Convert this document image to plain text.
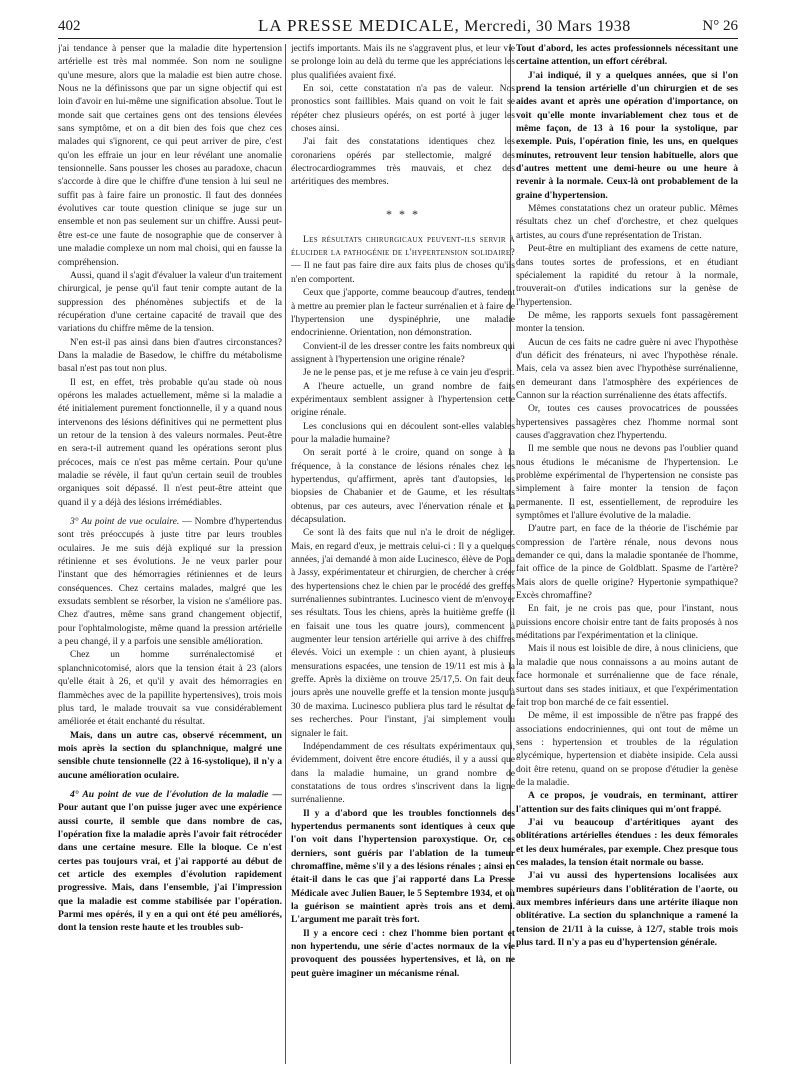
402	LA PRESSE MEDICALE, Mercredi, 30 Mars 1938	N° 26

j'ai tendance à penser que la maladie dite hypertension artérielle est très mal nommée. Son nom ne souligne qu'une mesure, alors que la maladie est bien autre chose. Nous ne la définissons que par un signe objectif qui est loin d'avoir en lui-même une signification absolue. Tout le monde sait que certaines gens ont des tensions élevées sans symptôme, et on a dit bien des fois que chez ces malades qui s'ignorent, ce qui peut arriver de pire, c'est qu'on les effraie un jour en leur révélant une anomalie tensionnelle. Sans pousser les choses au paradoxe, chacun s'accorde à dire que le chiffre d'une tension à lui seul ne suffit pas à faire faire un pronostic. Il faut des données évolutives car toute question clinique se juge sur un ensemble et non pas seulement sur un chiffre. Aussi peut-être est-ce une faute de nosographie que de conserver à une maladie complexe un nom mal choisi, qui en fausse la compréhension.

Aussi, quand il s'agit d'évaluer la valeur d'un traitement chirurgical, je pense qu'il faut tenir compte autant de la suppression des phénomènes subjectifs et de la récupération d'une certaine capacité de travail que des variations du chiffre même de la tension.

N'en est-il pas ainsi dans bien d'autres circonstances? Dans la maladie de Basedow, le chiffre du métabolisme basal n'est pas tout non plus.

Il est, en effet, très probable qu'au stade où nous opérons les malades actuellement, même si la maladie a été initialement purement fonctionnelle, il y a quand nous intervenons des lésions définitives qui ne permettent plus un retour de la tension à des valeurs normales. Peut-être en sera-t-il autrement quand les opérations seront plus précoces, mais ce n'est pas même certain. Pour qu'une maladie se révèle, il faut qu'un certain seuil de troubles organiques soit dépassé. Il n'est peut-être atteint que quand il y a déjà des lésions irrémédiables.

3° Au point de vue oculaire. — Nombre d'hypertendus sont très préoccupés à juste titre par leurs troubles oculaires. Je me suis déjà expliqué sur la pression rétinienne et ses évolutions. Je ne veux parler pour l'instant que des hémorragies rétiniennes et de leurs conséquences. Chez certains malades, malgré que les exsudats semblent se résorber, la vision ne s'améliore pas. Chez d'autres, même sans grand changement objectif, pour l'ophtalmologiste, même quand la pression artérielle a peu changé, il y a parfois une sensible amélioration.

Chez un homme surrénalectomisé et splanchnicotomisé, alors que la tension était à 23 (alors qu'elle était à 26, et qu'il y avait des hémorragies en flammèches avec de la papillite hypertensives), trois mois plus tard, le malade trouvait sa vue considérablement améliorée et était enchanté du résultat.

Mais, dans un autre cas, observé récemment, un mois après la section du splanchnique, malgré une sensible chute tensionnelle (22 à 16-systolique), il n'y a aucune amélioration oculaire.

4° Au point de vue de l'évolution de la maladie — Pour autant que l'on puisse juger avec une expérience aussi courte, il semble que dans nombre de cas, l'opération fixe la maladie après l'avoir fait rétrocéder dans une certaine mesure. Elle la bloque. Ce n'est certes pas toujours vrai, et j'ai rapporté au début de cet article des exemples d'évolution rapidement progressive. Mais, dans l'ensemble, j'ai l'impression que la maladie est comme stabilisée par l'opération. Parmi mes opérés, il y en a qui ont été peu améliorés, dont la tension reste haute et les troubles sub-

jectifs importants. Mais ils ne s'aggravent plus, et leur vie se prolonge loin au delà du terme que les appréciations les plus qualifiées avaient fixé.

En soi, cette constatation n'a pas de valeur. Nos pronostics sont faillibles. Mais quand on voit le fait se répéter chez plusieurs opérés, on est porté à juger les choses ainsi.

J'ai fait des constatations identiques chez les coronariens opérés par stellectomie, malgré des électrocardiogrammes très mauvais, et chez des artéritiques des membres.

* * *

Les résultats chirurgicaux peuvent-ils servir à élucider la pathogénie de l'hypertension solidaire? — Il ne faut pas faire dire aux faits plus de choses qu'ils n'en comportent.

Ceux que j'apporte, comme beaucoup d'autres, tendent à mettre au premier plan le facteur surrénalien et à faire de l'hypertension une dyspinéphrie, une maladie endocrinienne. Orientation, non démonstration.

Convient-il de les dresser contre les faits nombreux qui assignent à l'hypertension une origine rénale?

Je ne le pense pas, et je me refuse à ce vain jeu d'esprit.

A l'heure actuelle, un grand nombre de faits expérimentaux semblent assigner à l'hypertension cette origine rénale.

Les conclusions qui en découlent sont-elles valables pour la maladie humaine?

On serait porté à le croire, quand on songe à la fréquence, à la constance de lésions rénales chez les hypertendus, qu'affirment, après tant d'autopsies, les biopsies de Chabanier et de Gaume, et les résultats obtenus, par ces auteurs, avec l'énervation rénale et la décapsulation.

Ce sont là des faits que nul n'a le droit de négliger. Mais, en regard d'eux, je mettrais celui-ci : Il y a quelques années, j'ai demandé à mon aide Lucinesco, élève de Popa à Jassy, expérimentateur et chirurgien, de chercher à créer des hypertensions chez le chien par le procédé des greffes surrénaliennes subintrantes. Lucinesco vient de m'envoyer ses résultats. Tous les chiens, après la huitième greffe (il en faisait une tous les quatre jours), commencent à augmenter leur tension artérielle qui arrive à des chiffres élevés. Voici un exemple : un chien ayant, à plusieurs mensurations espacées, une tension de 19/11 est mis à la greffe. Après la dixième on trouve 25/17,5. On fait deux jours après une nouvelle greffe et la tension monte jusqu'à 30 de maxima. Lucinesco publiera plus tard le résultat de ses recherches. Pour l'instant, j'ai simplement voulu signaler le fait.

Indépendamment de ces résultats expérimentaux qui, évidemment, doivent être encore étudiés, il y a aussi que dans la maladie humaine, un grand nombre de constatations de tous ordres s'inscrivent dans la ligne surrénalienne.

Il y a d'abord que les troubles fonctionnels des hypertendus permanents sont identiques à ceux que l'on voit dans l'hypertension paroxystique. Or, ces derniers, sont guéris par l'ablation de la tumeur chromaffine, même s'il y a des lésions rénales ; ainsi en était-il dans le cas que j'ai rapporté dans La Presse Médicale avec Julien Bauer, le 5 Septembre 1934, et où la guérison se maintient après trois ans et demi. L'argument me paraît très fort.

Il y a encore ceci : chez l'homme bien portant et non hypertendu, une série d'actes normaux de la vie provoquent des poussées hypertensives, et là, on ne peut guère imaginer un mécanisme rénal.

Tout d'abord, les actes professionnels nécessitant une certaine attention, un effort cérébral.

J'ai indiqué, il y a quelques années, que si l'on prend la tension artérielle d'un chirurgien et de ses aides avant et après une opération d'importance, on voit qu'elle monte invariablement chez tous et de même façon, de 13 à 16 pour la systolique, par exemple. Puis, l'opération finie, les uns, en quelques minutes, retrouvent leur tension habituelle, alors que d'autres mettent une demi-heure ou une heure à revenir à la normale. Ceux-là ont probablement de la graine d'hypertension.

Mêmes constatations chez un orateur public. Mêmes résultats chez un chef d'orchestre, et chez quelques artistes, au cours d'une représentation de Tristan.

Peut-être en multipliant des examens de cette nature, dans toutes sortes de professions, et en étudiant spécialement la rapidité du retour à la normale, trouverait-on d'utiles indications sur la genèse de l'hypertension.

De même, les rapports sexuels font passagèrement monter la tension.

Aucun de ces faits ne cadre guère ni avec l'hypothèse d'un déficit des frénateurs, ni avec l'hypothèse rénale. Mais, cela va assez bien avec l'hypothèse surrénalienne, en demeurant dans l'atmosphère des expériences de Cannon sur la réaction surrénalienne des états affectifs.

Or, toutes ces causes provocatrices de poussées hypertensives passagères chez l'homme normal sont causes d'aggravation chez l'hypertendu.

Il me semble que nous ne devons pas l'oublier quand nous étudions le mécanisme de l'hypertension. Le problème expérimental de l'hypertension ne consiste pas simplement à faire monter la tension de façon permanente. Il est, essentiellement, de reproduire les symptômes et l'allure évolutive de la maladie.

D'autre part, en face de la théorie de l'ischémie par compression de l'artère rénale, nous devons nous demander ce qui, dans la maladie spontanée de l'homme, fait office de la pince de Goldblatt. Spasme de l'artère? Mais alors de quelle origine? Hypertonie sympathique? Excès chromaffine?

En fait, je ne crois pas que, pour l'instant, nous puissions encore choisir entre tant de faits proposés à nos méditations par l'expérimentation et la clinique.

Mais il nous est loisible de dire, à nous cliniciens, que la maladie que nous connaissons a au moins autant de face hormonale et surrénalienne que de face rénale, surtout dans ses stades initiaux, et que l'expérimentation fait trop bon marché de ce fait essentiel.

De même, il est impossible de n'être pas frappé des associations endocriniennes, qui ont tout de même un sens : hypertension et troubles de la régulation glycémique, hypertension et diabète insipide. Cela aussi doit être retenu, quand on se propose d'étudier la genèse de la maladie.

A ce propos, je voudrais, en terminant, attirer l'attention sur des faits cliniques qui m'ont frappé.

J'ai vu beaucoup d'artéritiques ayant des oblitérations artérielles étendues : les deux fémorales et les deux humérales, par exemple. Chez presque tous ces malades, la tension était normale ou basse.

J'ai vu aussi des hypertensions localisées aux membres supérieurs dans l'oblitération de l'aorte, ou aux membres inférieurs dans une artérite iliaque non oblitérative. La section du splanchnique a ramené la tension de 21/11 à la cuisse, à 12/7, stable trois mois plus tard. Il n'y a pas eu d'hypertension générale.
